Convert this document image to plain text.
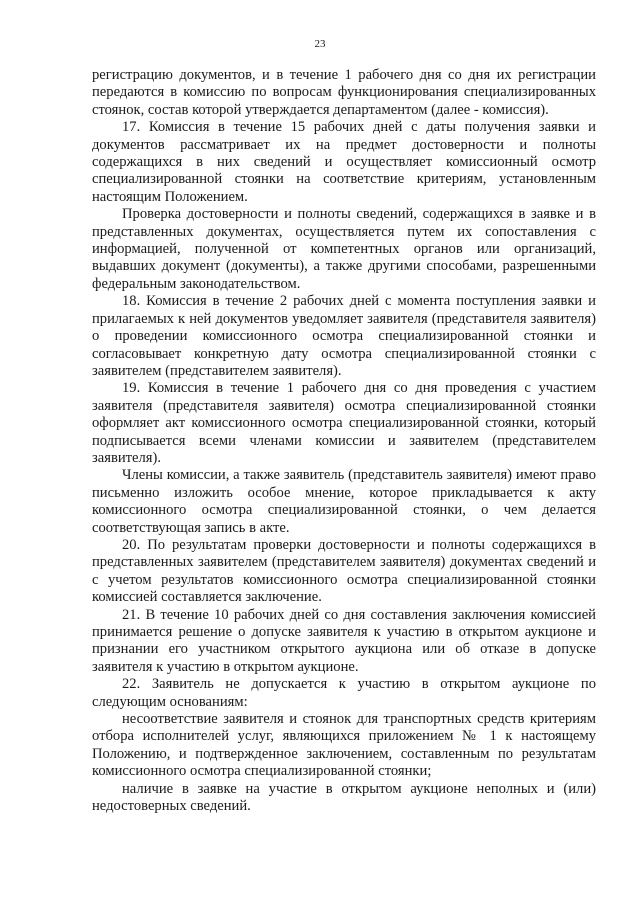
23

регистрацию документов, и в течение 1 рабочего дня со дня их регистрации передаются в комиссию по вопросам функционирования специализированных стоянок, состав которой утверждается департаментом (далее - комиссия).

17. Комиссия в течение 15 рабочих дней с даты получения заявки и документов рассматривает их на предмет достоверности и полноты содержащихся в них сведений и осуществляет комиссионный осмотр специализированной стоянки на соответствие критериям, установленным настоящим Положением.

Проверка достоверности и полноты сведений, содержащихся в заявке и в представленных документах, осуществляется путем их сопоставления с информацией, полученной от компетентных органов или организаций, выдавших документ (документы), а также другими способами, разрешенными федеральным законодательством.

18. Комиссия в течение 2 рабочих дней с момента поступления заявки и прилагаемых к ней документов уведомляет заявителя (представителя заявителя) о проведении комиссионного осмотра специализированной стоянки и согласовывает конкретную дату осмотра специализированной стоянки с заявителем (представителем заявителя).

19. Комиссия в течение 1 рабочего дня со дня проведения с участием заявителя (представителя заявителя) осмотра специализированной стоянки оформляет акт комиссионного осмотра специализированной стоянки, который подписывается всеми членами комиссии и заявителем (представителем заявителя).

Члены комиссии, а также заявитель (представитель заявителя) имеют право письменно изложить особое мнение, которое прикладывается к акту комиссионного осмотра специализированной стоянки, о чем делается соответствующая запись в акте.

20. По результатам проверки достоверности и полноты содержащихся в представленных заявителем (представителем заявителя) документах сведений и с учетом результатов комиссионного осмотра специализированной стоянки комиссией составляется заключение.

21. В течение 10 рабочих дней со дня составления заключения комиссией принимается решение о допуске заявителя к участию в открытом аукционе и признании его участником открытого аукциона или об отказе в допуске заявителя к участию в открытом аукционе.

22. Заявитель не допускается к участию в открытом аукционе по следующим основаниям:

несоответствие заявителя и стоянок для транспортных средств критериям отбора исполнителей услуг, являющихся приложением № 1 к настоящему Положению, и подтвержденное заключением, составленным по результатам комиссионного осмотра специализированной стоянки;

наличие в заявке на участие в открытом аукционе неполных и (или) недостоверных сведений.
